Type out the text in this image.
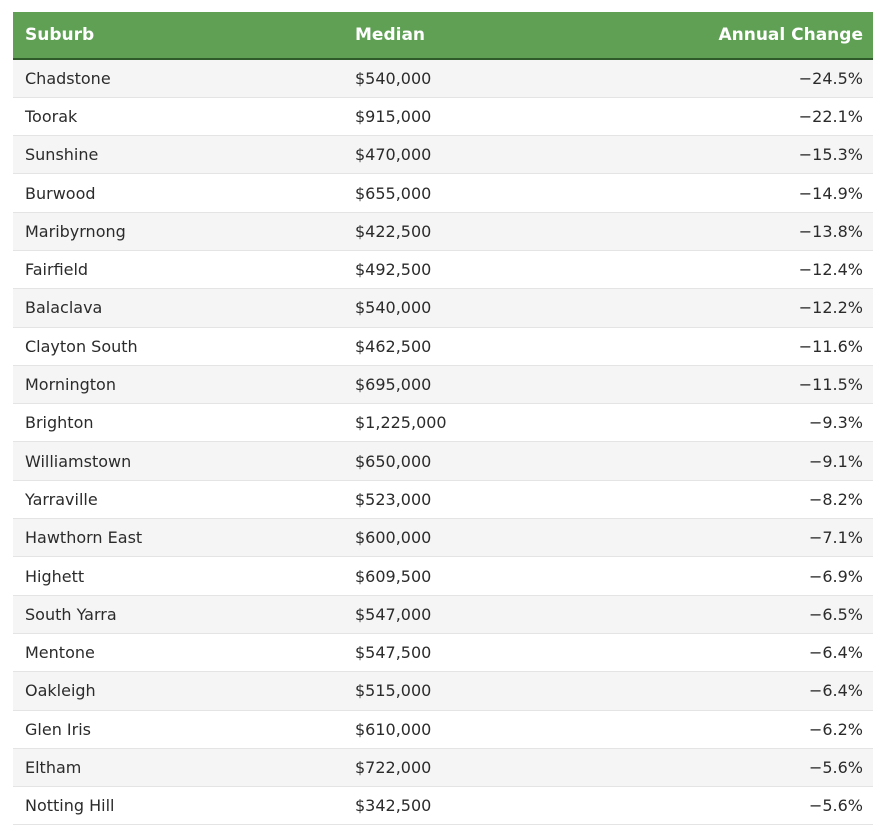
Suburb	Median	Annual Change
Chadstone	$540,000	−24.5%
Toorak	$915,000	−22.1%
Sunshine	$470,000	−15.3%
Burwood	$655,000	−14.9%
Maribyrnong	$422,500	−13.8%
Fairfield	$492,500	−12.4%
Balaclava	$540,000	−12.2%
Clayton South	$462,500	−11.6%
Mornington	$695,000	−11.5%
Brighton	$1,225,000	−9.3%
Williamstown	$650,000	−9.1%
Yarraville	$523,000	−8.2%
Hawthorn East	$600,000	−7.1%
Highett	$609,500	−6.9%
South Yarra	$547,000	−6.5%
Mentone	$547,500	−6.4%
Oakleigh	$515,000	−6.4%
Glen Iris	$610,000	−6.2%
Eltham	$722,000	−5.6%
Notting Hill	$342,500	−5.6%
